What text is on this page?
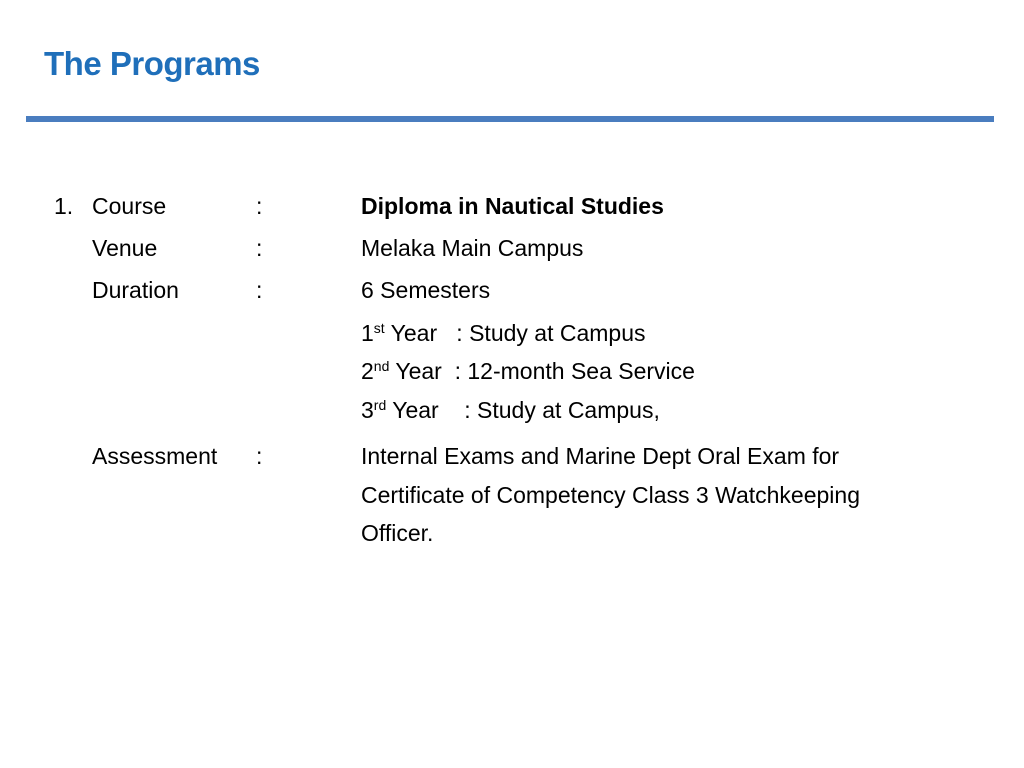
The Programs
1. Course	:	Diploma in Nautical Studies
Venue	:	Melaka Main Campus
Duration	:	6 Semesters
1st Year   : Study at Campus
2nd Year  : 12-month Sea Service
3rd Year    : Study at Campus,
Assessment :	Internal Exams and Marine Dept Oral Exam for
Certificate of Competency Class 3 Watchkeeping
Officer.
